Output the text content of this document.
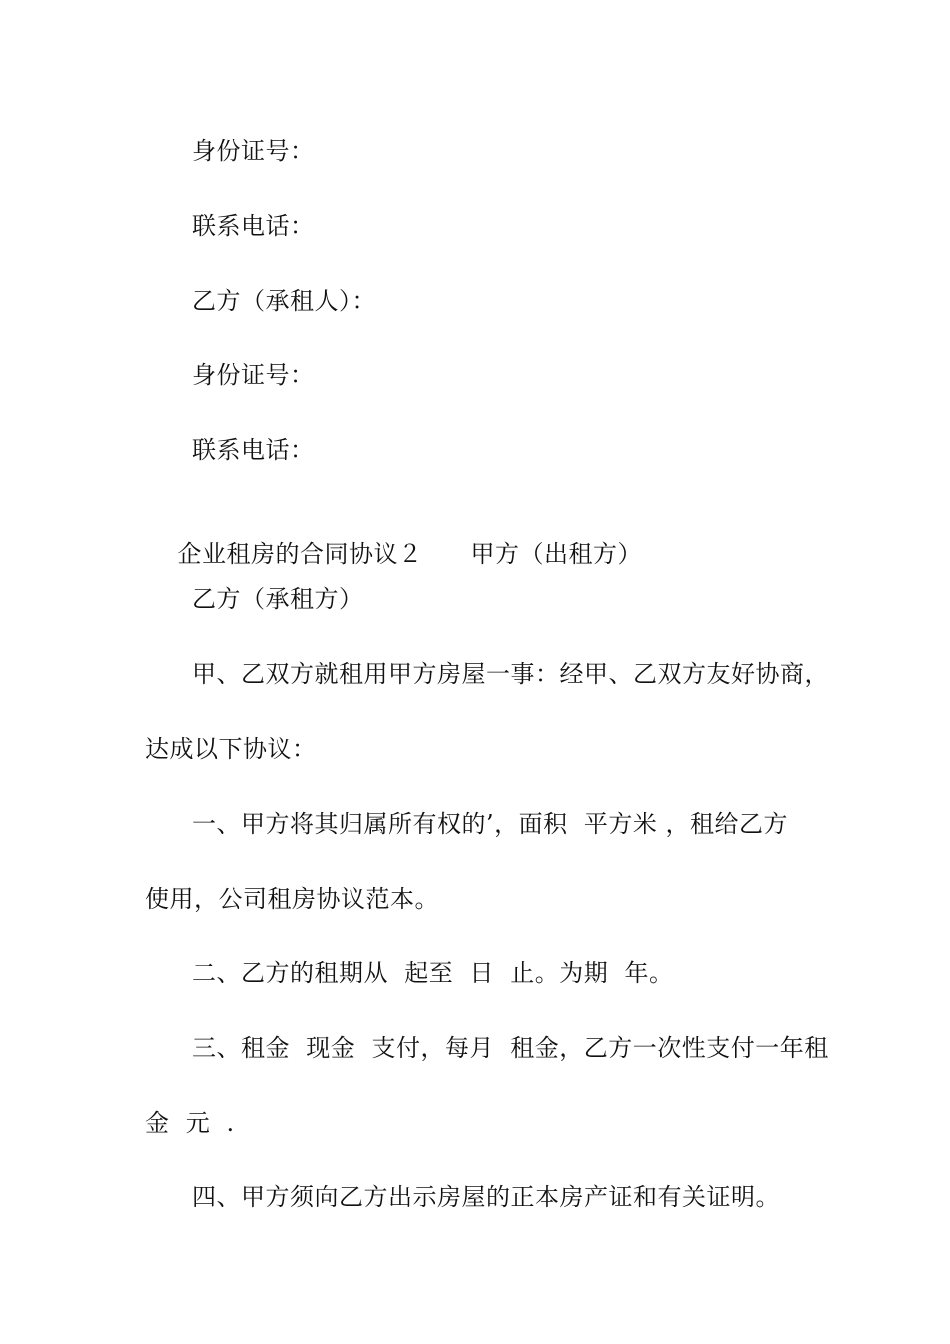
身份证号：
联系电话：
乙方（承租人）：
身份证号：
联系电话：

企业租房的合同协议２ 甲方（出租方）

乙方（承租方）
甲、乙双方就租用甲方房屋一事：经甲、乙双方友好协商，
达成以下协议：
一、甲方将其归属所有权的’，面积  平方米 ，租给乙方
使用，公司租房协议范本。
二、乙方的租期从  起至  日  止。为期  年。
三、租金  现金  支付，每月  租金，乙方一次性支付一年租
金  元  .
四、甲方须向乙方出示房屋的正本房产证和有关证明。
